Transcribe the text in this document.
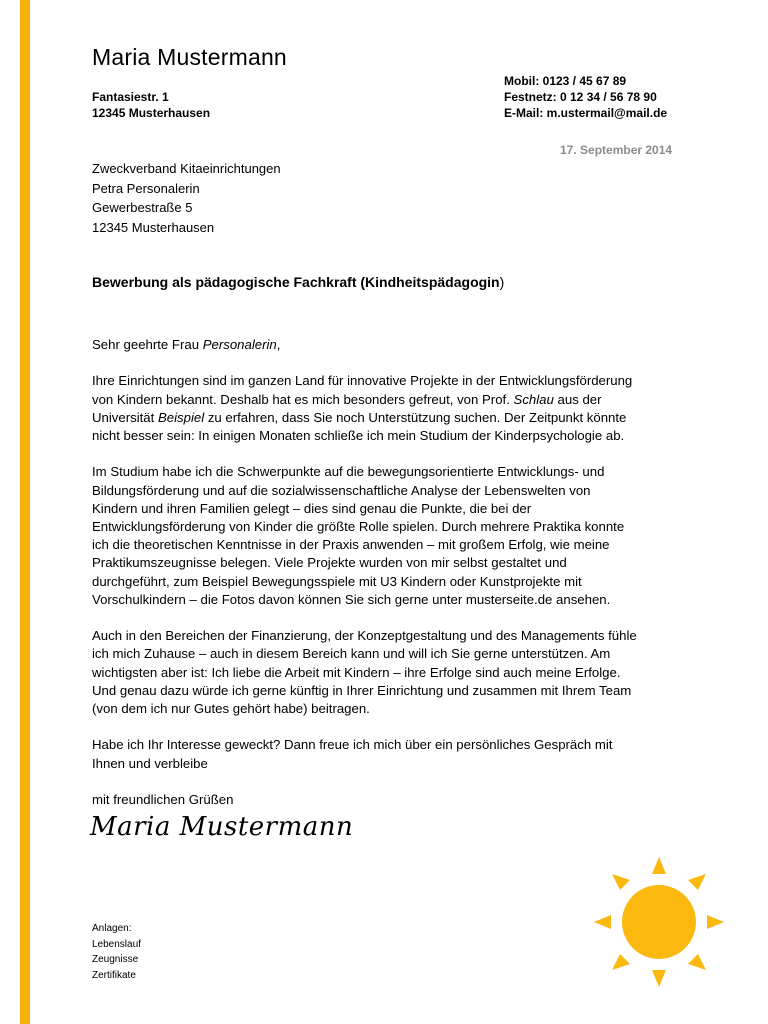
Maria Mustermann
Fantasiestr. 1
12345 Musterhausen
Mobil: 0123 / 45 67 89
Festnetz: 0 12 34 / 56 78 90
E-Mail: m.ustermail@mail.de
17. September 2014
Zweckverband Kitaeinrichtungen
Petra Personalerin
Gewerbestraße 5
12345 Musterhausen
Bewerbung als pädagogische Fachkraft (Kindheitspädagogin)

Sehr geehrte Frau Personalerin,

Ihre Einrichtungen sind im ganzen Land für innovative Projekte in der Entwicklungsförderung
von Kindern bekannt. Deshalb hat es mich besonders gefreut, von Prof. Schlau aus der
Universität Beispiel zu erfahren, dass Sie noch Unterstützung suchen. Der Zeitpunkt könnte
nicht besser sein: In einigen Monaten schließe ich mein Studium der Kinderpsychologie ab.

Im Studium habe ich die Schwerpunkte auf die bewegungsorientierte Entwicklungs- und
Bildungsförderung und auf die sozialwissenschaftliche Analyse der Lebenswelten von
Kindern und ihren Familien gelegt – dies sind genau die Punkte, die bei der
Entwicklungsförderung von Kinder die größte Rolle spielen. Durch mehrere Praktika konnte
ich die theoretischen Kenntnisse in der Praxis anwenden – mit großem Erfolg, wie meine
Praktikumszeugnisse belegen. Viele Projekte wurden von mir selbst gestaltet und
durchgeführt, zum Beispiel Bewegungsspiele mit U3 Kindern oder Kunstprojekte mit
Vorschulkindern – die Fotos davon können Sie sich gerne unter musterseite.de ansehen.

Auch in den Bereichen der Finanzierung, der Konzeptgestaltung und des Managements fühle
ich mich Zuhause – auch in diesem Bereich kann und will ich Sie gerne unterstützen. Am
wichtigsten aber ist: Ich liebe die Arbeit mit Kindern – ihre Erfolge sind auch meine Erfolge.
Und genau dazu würde ich gerne künftig in Ihrer Einrichtung und zusammen mit Ihrem Team
(von dem ich nur Gutes gehört habe) beitragen.

Habe ich Ihr Interesse geweckt? Dann freue ich mich über ein persönliches Gespräch mit
Ihnen und verbleibe

mit freundlichen Grüßen

Maria Mustermann
Anlagen:
Lebenslauf
Zeugnisse
Zertifikate
